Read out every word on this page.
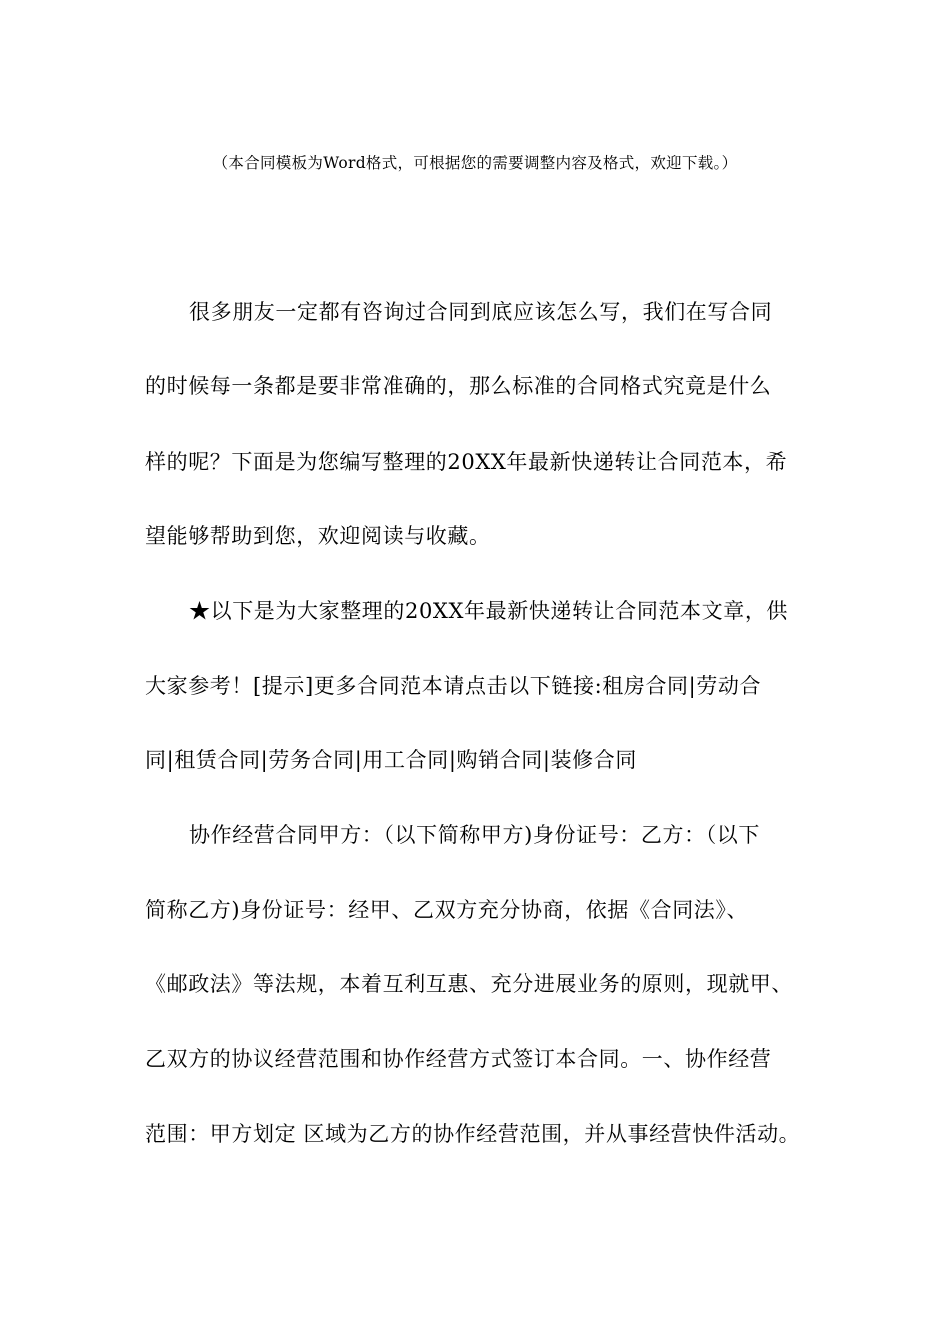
（本合同模板为Word格式，可根据您的需要调整内容及格式，欢迎下载。）
很多朋友一定都有咨询过合同到底应该怎么写，我们在写合同
的时候每一条都是要非常准确的，那么标准的合同格式究竟是什么
样的呢？下面是为您编写整理的20XX年最新快递转让合同范本，希
望能够帮助到您，欢迎阅读与收藏。
★以下是为大家整理的20XX年最新快递转让合同范本文章，供
大家参考！[提示]更多合同范本请点击以下链接:租房合同|劳动合
同|租赁合同|劳务合同|用工合同|购销合同|装修合同
协作经营合同甲方：（以下简称甲方)身份证号：乙方：（以下
简称乙方)身份证号：经甲、乙双方充分协商，依据《合同法》、
《邮政法》等法规，本着互利互惠、充分进展业务的原则，现就甲、
乙双方的协议经营范围和协作经营方式签订本合同。一、协作经营
范围：甲方划定 区域为乙方的协作经营范围，并从事经营快件活动。
